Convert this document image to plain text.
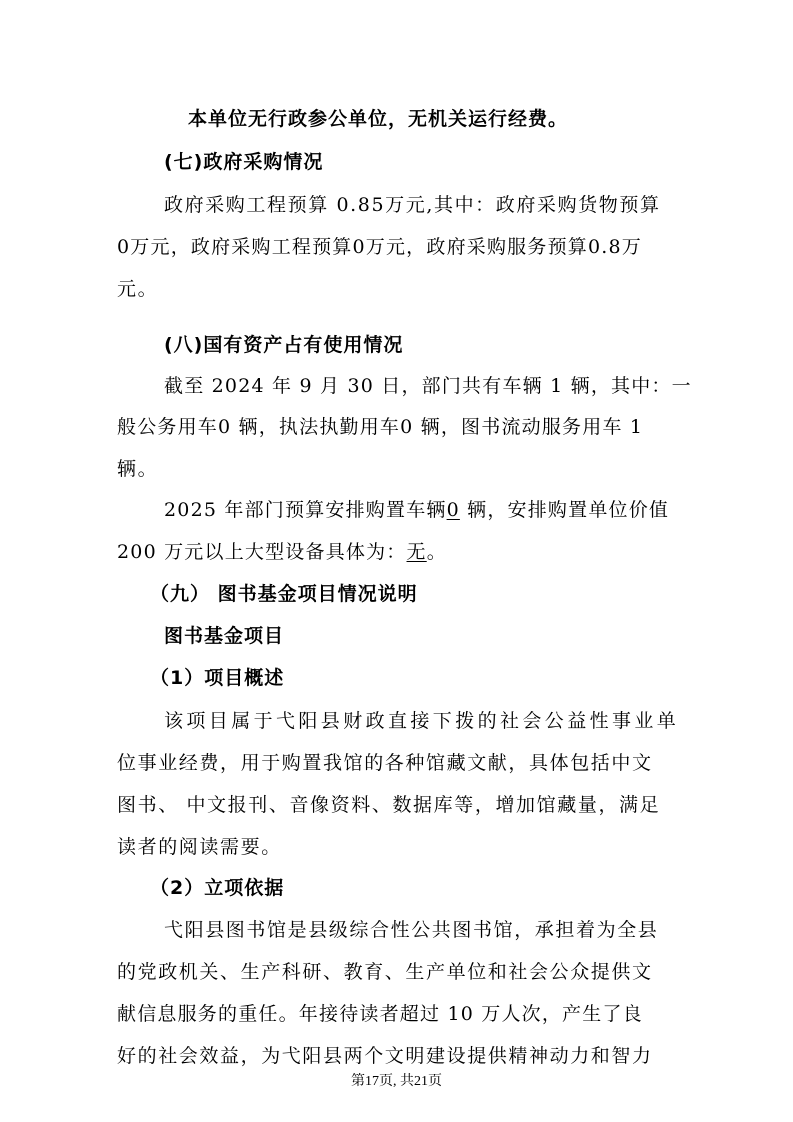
本单位无行政参公单位，无机关运行经费。
(七)政府采购情况
政府采购工程预算 0.85万元,其中：政府采购货物预算
0万元，政府采购工程预算0万元，政府采购服务预算0.8万
元。
(八)国有资产占有使用情况
截至 2024 年 9 月 30 日，部门共有车辆 1 辆，其中：一
般公务用车0 辆，执法执勤用车0 辆，图书流动服务用车 1
辆。
2025 年部门预算安排购置车辆0 辆，安排购置单位价值
200 万元以上大型设备具体为：无。
（九） 图书基金项目情况说明
图书基金项目
（1）项目概述
该项目属于弋阳县财政直接下拨的社会公益性事业单
位事业经费，用于购置我馆的各种馆藏文献，具体包括中文
图书、 中文报刊、音像资料、数据库等，增加馆藏量，满足
读者的阅读需要。
（2）立项依据
弋阳县图书馆是县级综合性公共图书馆，承担着为全县
的党政机关、生产科研、教育、生产单位和社会公众提供文
献信息服务的重任。年接待读者超过 10 万人次，产生了良
好的社会效益，为弋阳县两个文明建设提供精神动力和智力
第17页, 共21页
